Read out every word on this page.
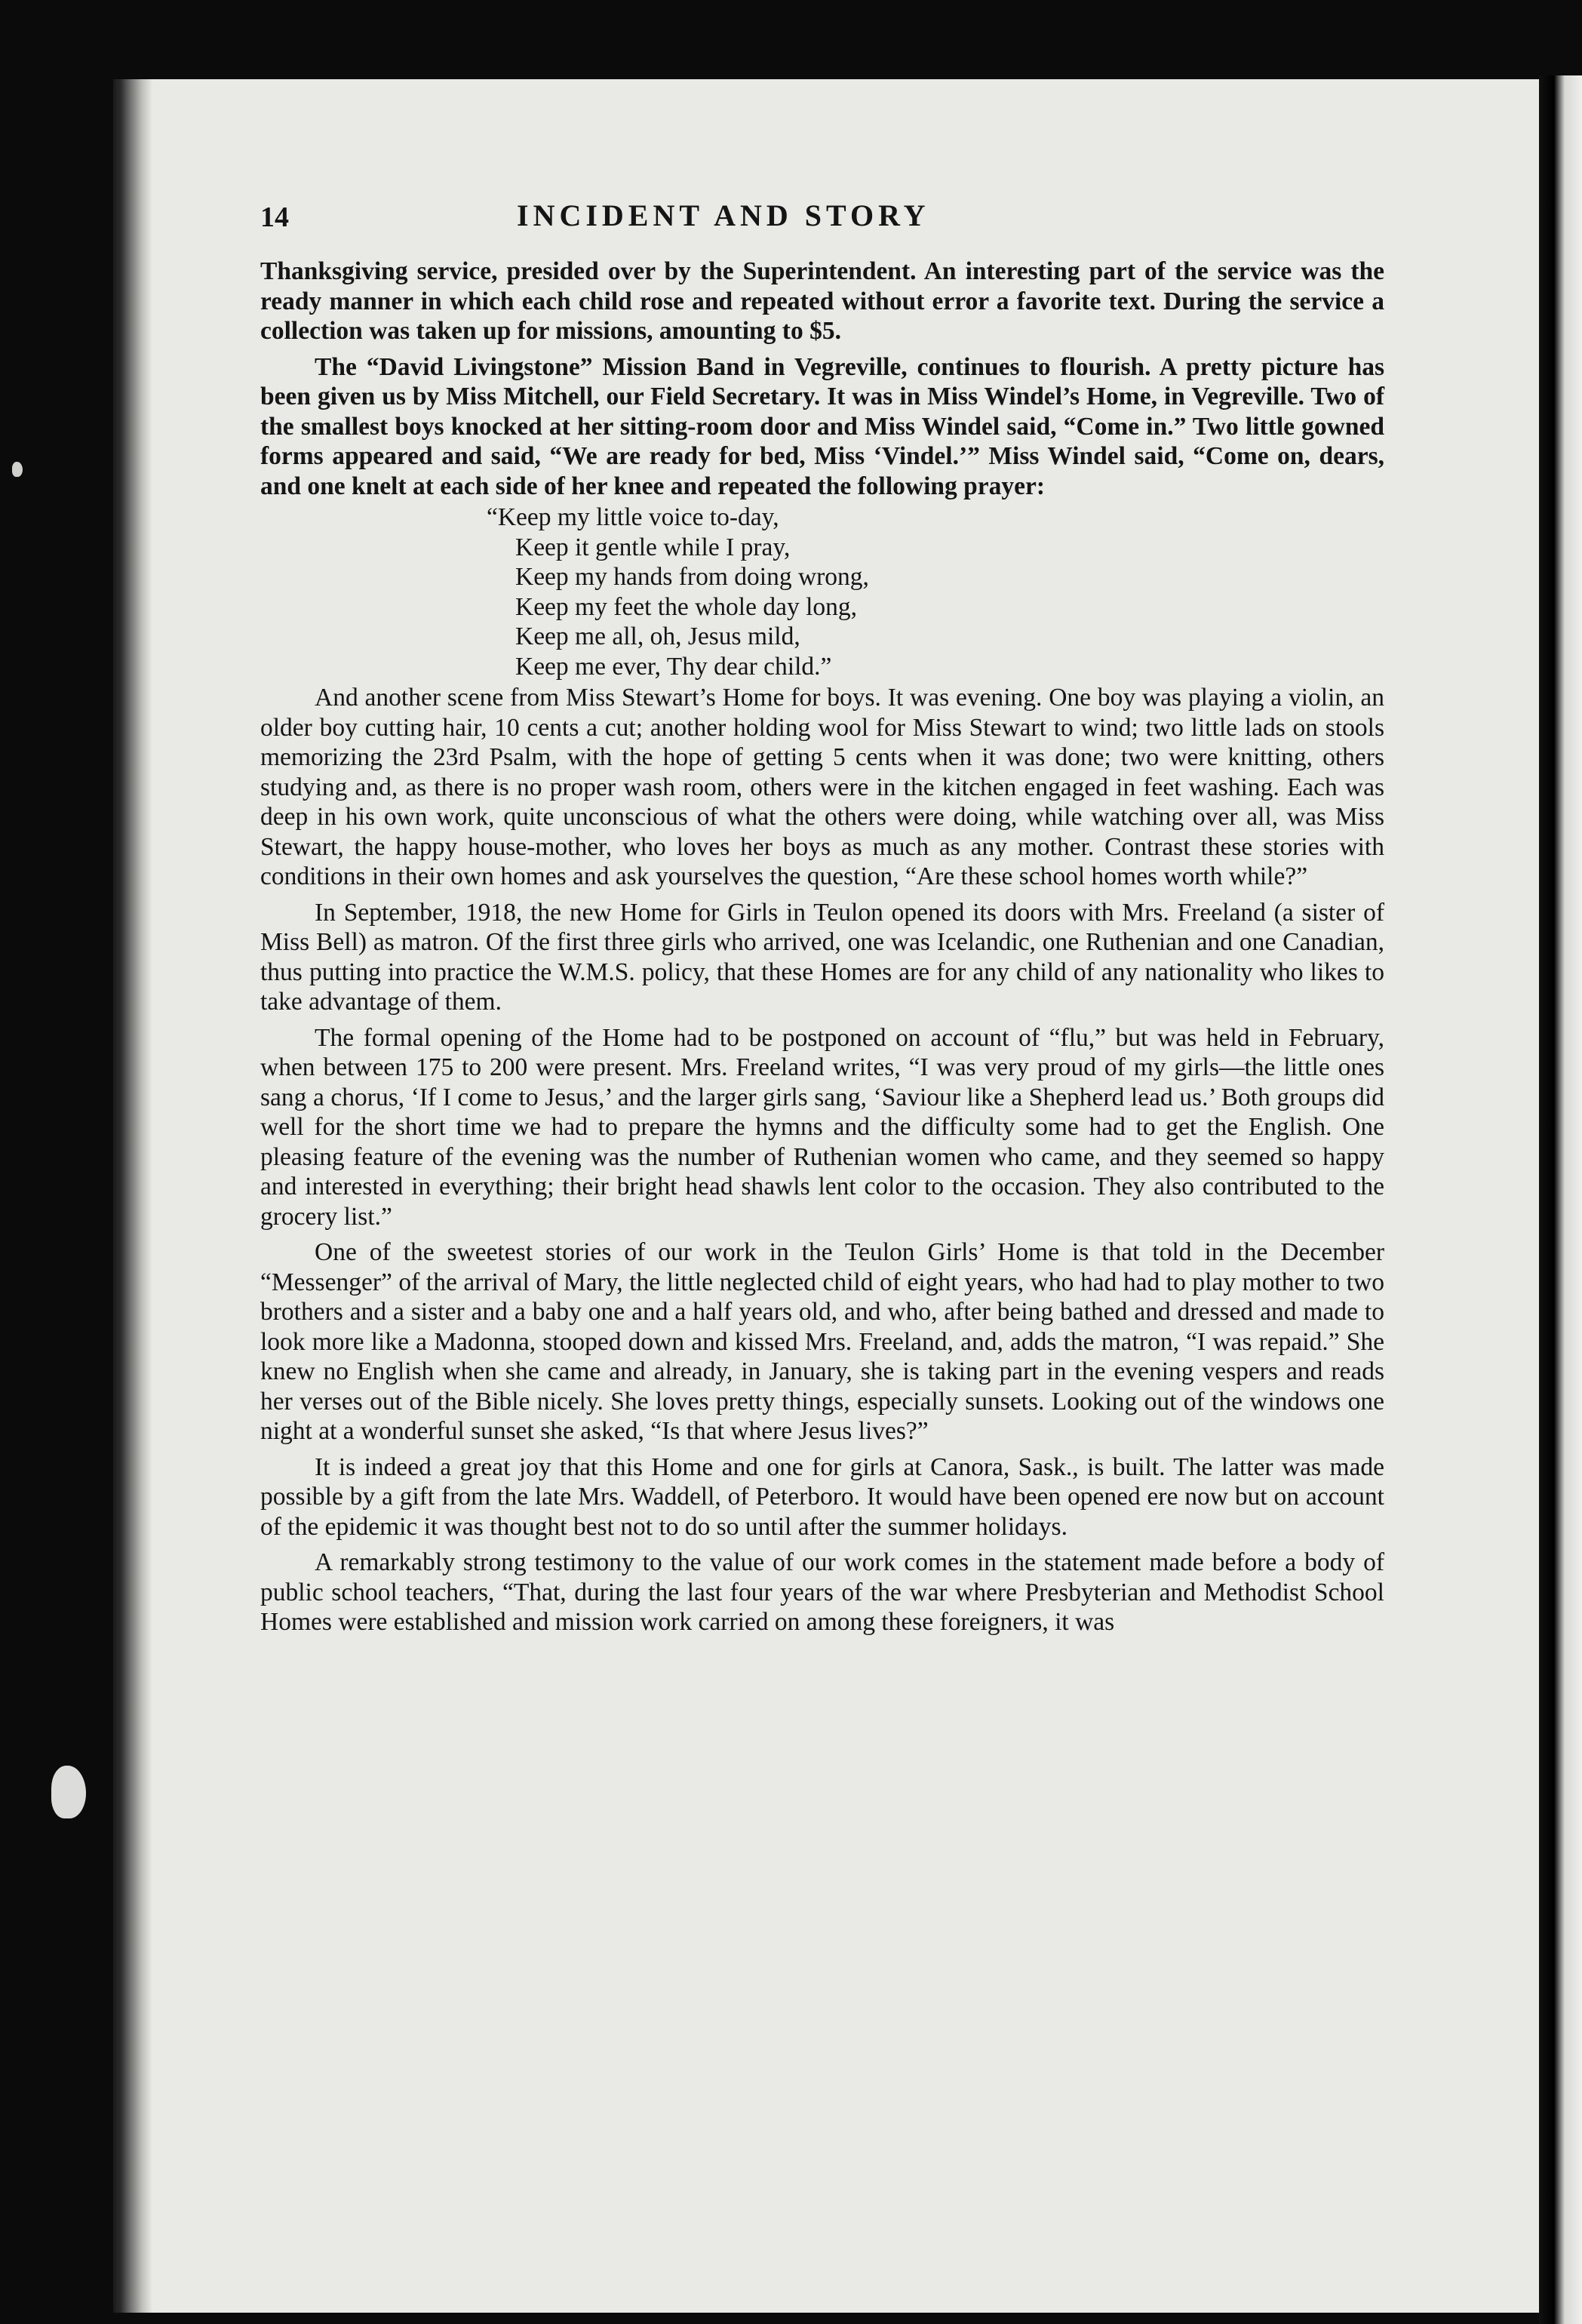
14	INCIDENT AND STORY

Thanksgiving service, presided over by the Superintendent. An interesting part of the service was the ready manner in which each child rose and repeated without error a favorite text. During the service a collection was taken up for missions, amounting to $5.

The “David Livingstone” Mission Band in Vegreville, continues to flourish. A pretty picture has been given us by Miss Mitchell, our Field Secretary. It was in Miss Windel’s Home, in Vegreville. Two of the smallest boys knocked at her sitting-room door and Miss Windel said, “Come in.” Two little gowned forms appeared and said, “We are ready for bed, Miss ‘Vindel.’” Miss Windel said, “Come on, dears, and one knelt at each side of her knee and repeated the following prayer:

“Keep my little voice to-day,
Keep it gentle while I pray,
Keep my hands from doing wrong,
Keep my feet the whole day long,
Keep me all, oh, Jesus mild,
Keep me ever, Thy dear child.”

And another scene from Miss Stewart’s Home for boys. It was evening. One boy was playing a violin, an older boy cutting hair, 10 cents a cut; another holding wool for Miss Stewart to wind; two little lads on stools memorizing the 23rd Psalm, with the hope of getting 5 cents when it was done; two were knitting, others studying and, as there is no proper wash room, others were in the kitchen engaged in feet washing. Each was deep in his own work, quite unconscious of what the others were doing, while watching over all, was Miss Stewart, the happy house-mother, who loves her boys as much as any mother. Contrast these stories with conditions in their own homes and ask yourselves the question, “Are these school homes worth while?”

In September, 1918, the new Home for Girls in Teulon opened its doors with Mrs. Freeland (a sister of Miss Bell) as matron. Of the first three girls who arrived, one was Icelandic, one Ruthenian and one Canadian, thus putting into practice the W.M.S. policy, that these Homes are for any child of any nationality who likes to take advantage of them.

The formal opening of the Home had to be postponed on account of “flu,” but was held in February, when between 175 to 200 were present. Mrs. Freeland writes, “I was very proud of my girls—the little ones sang a chorus, ‘If I come to Jesus,’ and the larger girls sang, ‘Saviour like a Shepherd lead us.’ Both groups did well for the short time we had to prepare the hymns and the difficulty some had to get the English. One pleasing feature of the evening was the number of Ruthenian women who came, and they seemed so happy and interested in everything; their bright head shawls lent color to the occasion. They also contributed to the grocery list.”

One of the sweetest stories of our work in the Teulon Girls’ Home is that told in the December “Messenger” of the arrival of Mary, the little neglected child of eight years, who had had to play mother to two brothers and a sister and a baby one and a half years old, and who, after being bathed and dressed and made to look more like a Madonna, stooped down and kissed Mrs. Freeland, and, adds the matron, “I was repaid.” She knew no English when she came and already, in January, she is taking part in the evening vespers and reads her verses out of the Bible nicely. She loves pretty things, especially sunsets. Looking out of the windows one night at a wonderful sunset she asked, “Is that where Jesus lives?”

It is indeed a great joy that this Home and one for girls at Canora, Sask., is built. The latter was made possible by a gift from the late Mrs. Waddell, of Peterboro. It would have been opened ere now but on account of the epidemic it was thought best not to do so until after the summer holidays.

A remarkably strong testimony to the value of our work comes in the statement made before a body of public school teachers, “That, during the last four years of the war where Presbyterian and Methodist School Homes were established and mission work carried on among these foreigners, it was
